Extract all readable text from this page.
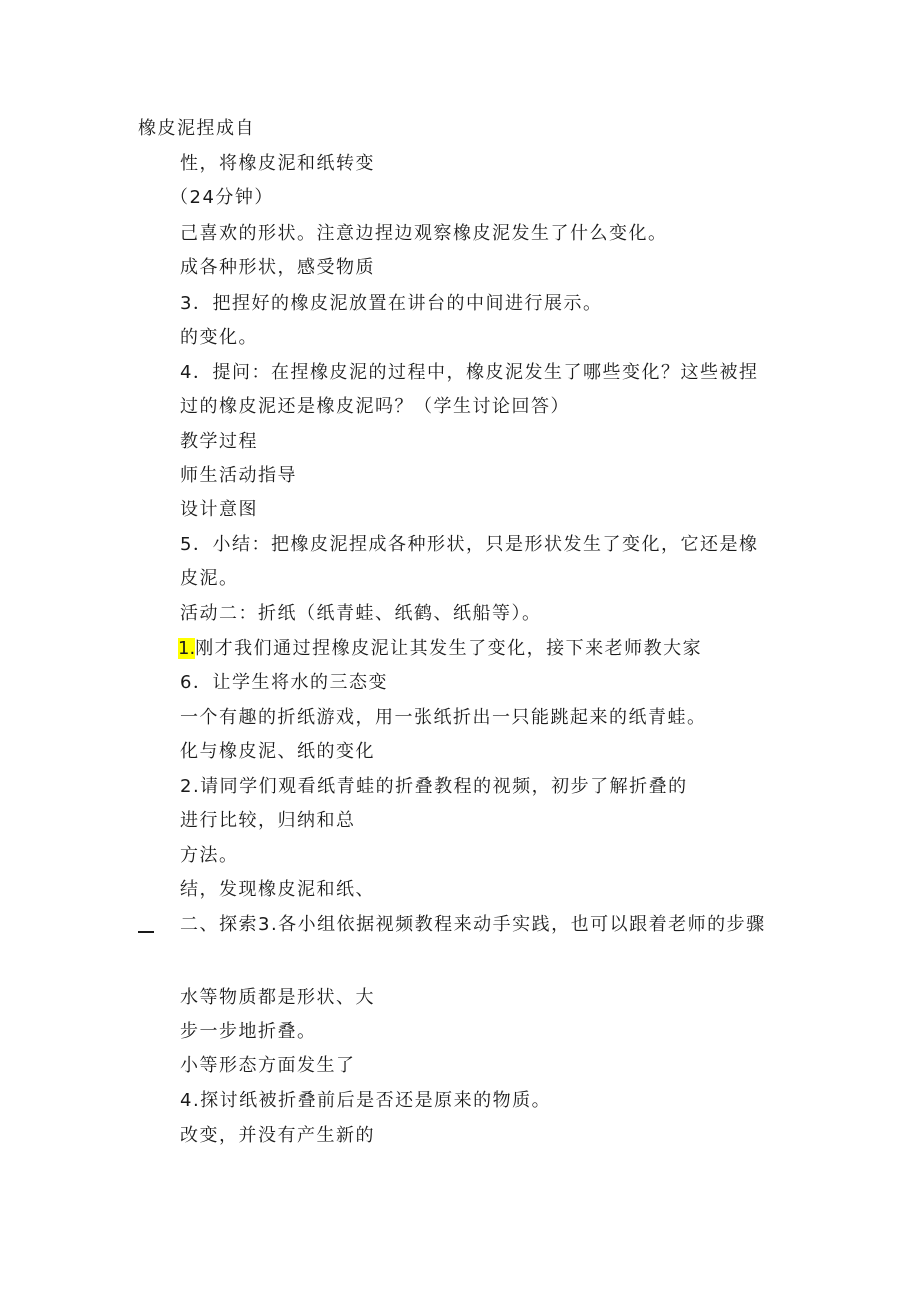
橡皮泥捏成自
性，将橡皮泥和纸转变
（24分钟）
己喜欢的形状。注意边捏边观察橡皮泥发生了什么变化。
成各种形状，感受物质
3．把捏好的橡皮泥放置在讲台的中间进行展示。
的变化。
4．提问：在捏橡皮泥的过程中，橡皮泥发生了哪些变化？这些被捏
过的橡皮泥还是橡皮泥吗？（学生讨论回答）
教学过程
师生活动指导
设计意图
5．小结：把橡皮泥捏成各种形状，只是形状发生了变化，它还是橡
皮泥。
活动二：折纸（纸青蛙、纸鹤、纸船等）。
1.刚才我们通过捏橡皮泥让其发生了变化，接下来老师教大家
6．让学生将水的三态变
一个有趣的折纸游戏，用一张纸折出一只能跳起来的纸青蛙。
化与橡皮泥、纸的变化
2.请同学们观看纸青蛙的折叠教程的视频，初步了解折叠的
进行比较，归纳和总
方法。
结，发现橡皮泥和纸、
二、探索3.各小组依据视频教程来动手实践，也可以跟着老师的步骤
水等物质都是形状、大
步一步地折叠。
小等形态方面发生了
4.探讨纸被折叠前后是否还是原来的物质。
改变，并没有产生新的
